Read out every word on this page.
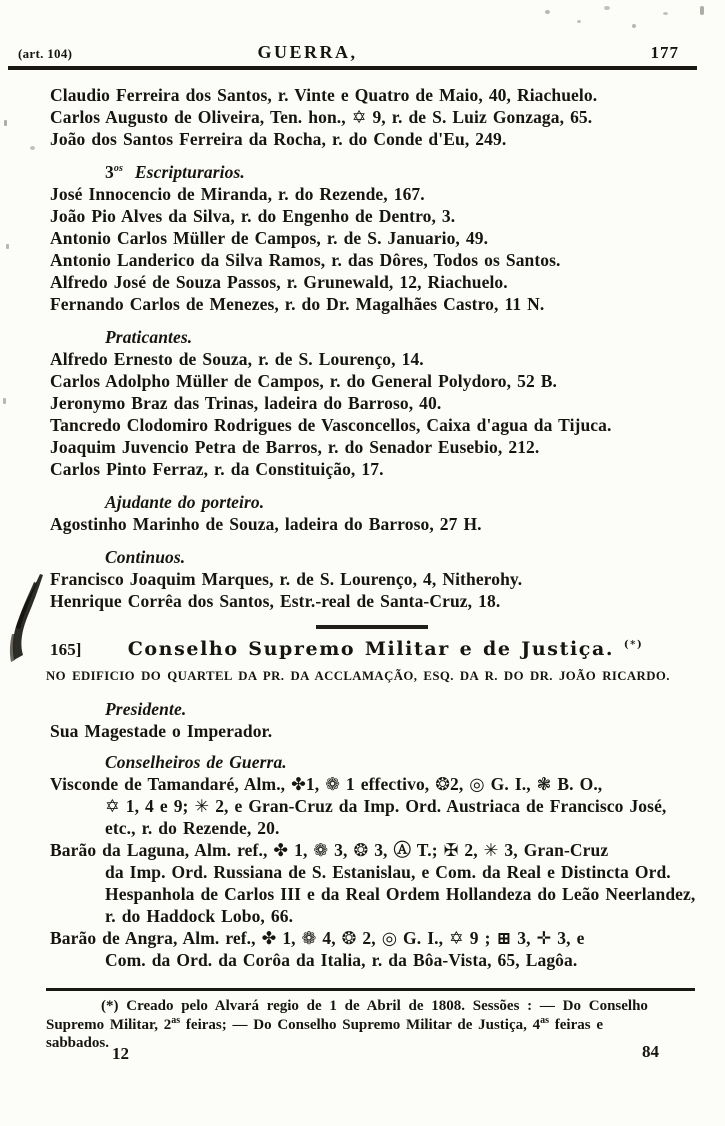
(art. 104)	GUERRA,	177
Claudio Ferreira dos Santos, r. Vinte e Quatro de Maio, 40, Riachuelo.
Carlos Augusto de Oliveira, Ten. hon., ✡ 9, r. de S. Luiz Gonzaga, 65.
João dos Santos Ferreira da Rocha, r. do Conde d'Eu, 249.
$3^{os}$ Escripturarios.
José Innocencio de Miranda, r. do Rezende, 167.
João Pio Alves da Silva, r. do Engenho de Dentro, 3.
Antonio Carlos Müller de Campos, r. de S. Januario, 49.
Antonio Landerico da Silva Ramos, r. das Dôres, Todos os Santos.
Alfredo José de Souza Passos, r. Grunewald, 12, Riachuelo.
Fernando Carlos de Menezes, r. do Dr. Magalhães Castro, 11 N.
Praticantes.
Alfredo Ernesto de Souza, r. de S. Lourenço, 14.
Carlos Adolpho Müller de Campos, r. do General Polydoro, 52 B.
Jeronymo Braz das Trinas, ladeira do Barroso, 40.
Tancredo Clodomiro Rodrigues de Vasconcellos, Caixa d'agua da Tijuca.
Joaquim Juvencio Petra de Barros, r. do Senador Eusebio, 212.
Carlos Pinto Ferraz, r. da Constituição, 17.
Ajudante do porteiro.
Agostinho Marinho de Souza, ladeira do Barroso, 27 H.
Continuos.
Francisco Joaquim Marques, r. de S. Lourenço, 4, Nitherohy.
Henrique Corrêa dos Santos, Estr.-real de Santa-Cruz, 18.
165]	Conselho Supremo Militar e de Justiça. (*)
NO EDIFICIO DO QUARTEL DA PR. DA ACCLAMAÇÃO, ESQ. DA R. DO DR. JOÃO RICARDO.
Presidente.
Sua Magestade o Imperador.
Conselheiros de Guerra.
Visconde de Tamandaré, Alm., ✤1, ❁ 1 effectivo, ❂2, ◎ G. I., ❃ B. O.,
✡ 1, 4 e 9; ✳ 2, e Gran-Cruz da Imp. Ord. Austriaca de Francisco José,
etc., r. do Rezende, 20.
Barão da Laguna, Alm. ref., ✤ 1, ❁ 3, ❂ 3, Ⓐ T.; ✠ 2, ✳ 3, Gran-Cruz
da Imp. Ord. Russiana de S. Estanislau, e Com. da Real e Distincta Ord.
Hespanhola de Carlos III e da Real Ordem Hollandeza do Leão Neerlandez,
r. do Haddock Lobo, 66.
Barão de Angra, Alm. ref., ✤ 1, ❁ 4, ❂ 2, ◎ G. I., ✡ 9 ; ⊞ 3, ✛ 3, e
Com. da Ord. da Corôa da Italia, r. da Bôa-Vista, 65, Lagôa.
(*) Creado pelo Alvará regio de 1 de Abril de 1808. Sessões : — Do Conselho
Supremo Militar, $2^{as}$ feiras; — Do Conselho Supremo Militar de Justiça, $4^{as}$ feiras e
sabbados.
12	84
